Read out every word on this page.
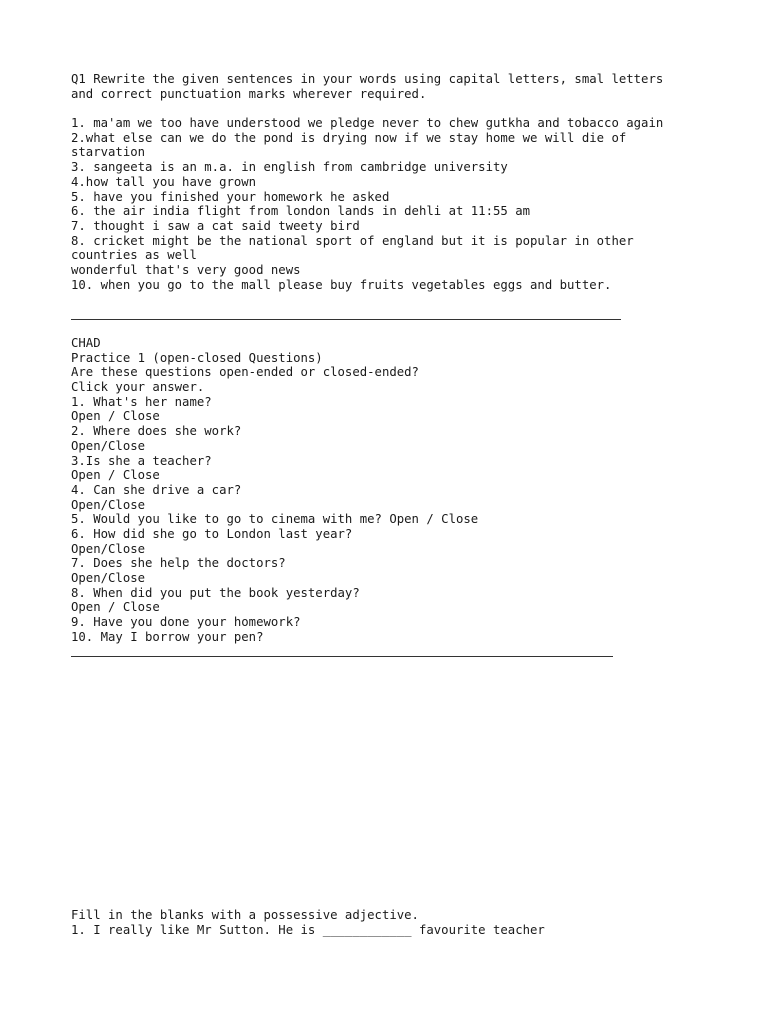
Q1 Rewrite the given sentences in your words using capital letters, smal letters
and correct punctuation marks wherever required.
1. ma'am we too have understood we pledge never to chew gutkha and tobacco again
2.what else can we do the pond is drying now if we stay home we will die of
starvation
3. sangeeta is an m.a. in english from cambridge university
4.how tall you have grown
5. have you finished your homework he asked
6. the air india flight from london lands in dehli at 11:55 am
7. thought i saw a cat said tweety bird
8. cricket might be the national sport of england but it is popular in other
countries as well
wonderful that's very good news
10. when you go to the mall please buy fruits vegetables eggs and butter.
CHAD
Practice 1 (open-closed Questions)
Are these questions open-ended or closed-ended?
Click your answer.
1. What's her name?
Open / Close
2. Where does she work?
Open/Close
3.Is she a teacher?
Open / Close
4. Can she drive a car?
Open/Close
5. Would you like to go to cinema with me? Open / Close
6. How did she go to London last year?
Open/Close
7. Does she help the doctors?
Open/Close
8. When did you put the book yesterday?
Open / Close
9. Have you done your homework?
10. May I borrow your pen?
Fill in the blanks with a possessive adjective.
1. I really like Mr Sutton. He is ____________ favourite teacher
